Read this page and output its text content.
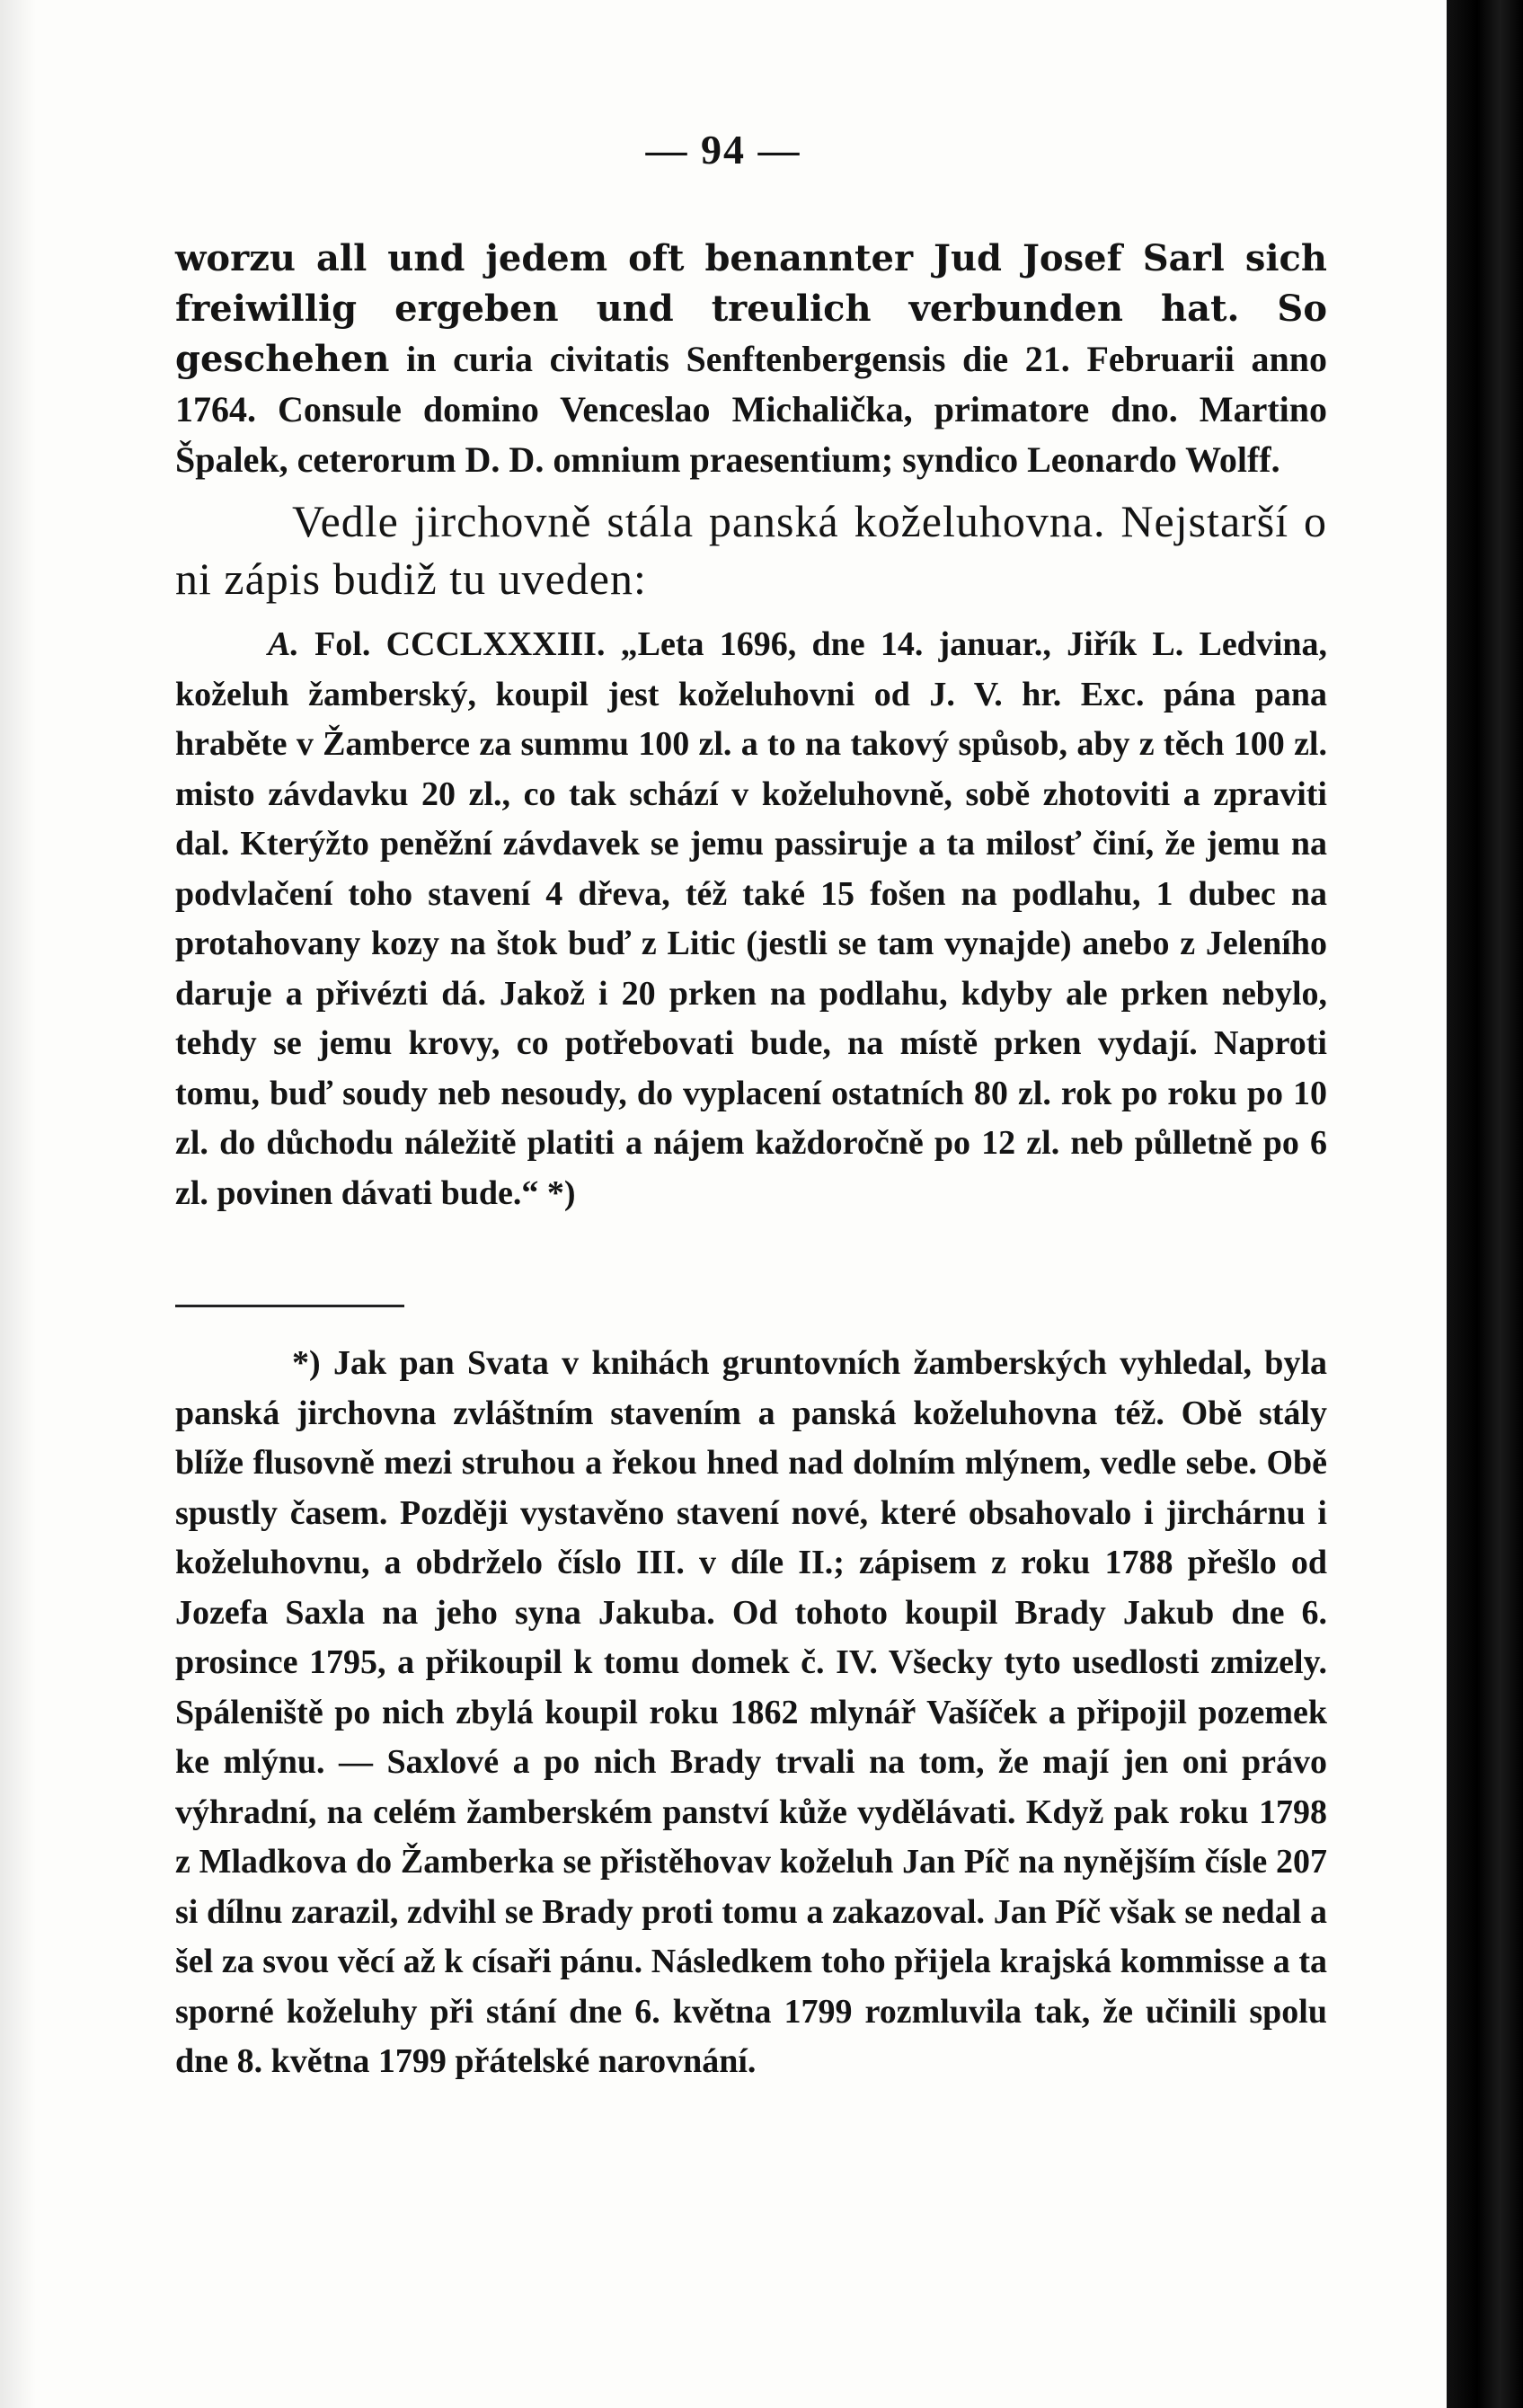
— 94 —

worzu all und jedem oft benannter Jud Josef Sarl sich freiwillig ergeben und treulich verbunden hat. So geschehen in curia civitatis Senftenbergensis die 21. Februarii anno 1764. Consule domino Venceslao Michalička, primatore dno. Martino Špalek, ceterorum D. D. omnium praesentium; syndico Leonardo Wolff.

Vedle jirchovně stála panská koželuhovna. Nejstarší o ni zápis budiž tu uveden:

A. Fol. CCCLXXXIII. „Leta 1696, dne 14. januar., Jiřík L. Ledvina, koželuh žamberský, koupil jest koželuhovni od J. V. hr. Exc. pána pana hraběte v Žamberce za summu 100 zl. a to na takový spůsob, aby z těch 100 zl. misto závdavku 20 zl., co tak schází v koželuhovně, sobě zhotoviti a zpraviti dal. Kterýžto peněžní závdavek se jemu passiruje a ta milosť činí, že jemu na podvlačení toho stavení 4 dřeva, též také 15 fošen na podlahu, 1 dubec na protahovany kozy na štok buď z Litic (jestli se tam vynajde) anebo z Jeleního daruje a přivézti dá. Jakož i 20 prken na podlahu, kdyby ale prken nebylo, tehdy se jemu krovy, co potřebovati bude, na místě prken vydají. Naproti tomu, buď soudy neb nesoudy, do vyplacení ostatních 80 zl. rok po roku po 10 zl. do důchodu náležitě platiti a nájem každoročně po 12 zl. neb půlletně po 6 zl. povinen dávati bude.“ *)

*) Jak pan Svata v knihách gruntovních žamberských vyhledal, byla panská jirchovna zvláštním stavením a panská koželuhovna též. Obě stály blíže flusovně mezi struhou a řekou hned nad dolním mlýnem, vedle sebe. Obě spustly časem. Později vystavěno stavení nové, které obsahovalo i jirchárnu i koželuhovnu, a obdrželo číslo III. v díle II.; zápisem z roku 1788 přešlo od Jozefa Saxla na jeho syna Jakuba. Od tohoto koupil Brady Jakub dne 6. prosince 1795, a přikoupil k tomu domek č. IV. Všecky tyto usedlosti zmizely. Spáleniště po nich zbylá koupil roku 1862 mlynář Vašíček a připojil pozemek ke mlýnu. — Saxlové a po nich Brady trvali na tom, že mají jen oni právo výhradní, na celém žamberském panství kůže vydělávati. Když pak roku 1798 z Mladkova do Žamberka se přistěhovav koželuh Jan Píč na nynějším čísle 207 si dílnu zarazil, zdvihl se Brady proti tomu a zakazoval. Jan Píč však se nedal a šel za svou věcí až k císaři pánu. Následkem toho přijela krajská kommisse a ta sporné koželuhy při stání dne 6. května 1799 rozmluvila tak, že učinili spolu dne 8. května 1799 přátelské narovnání.
